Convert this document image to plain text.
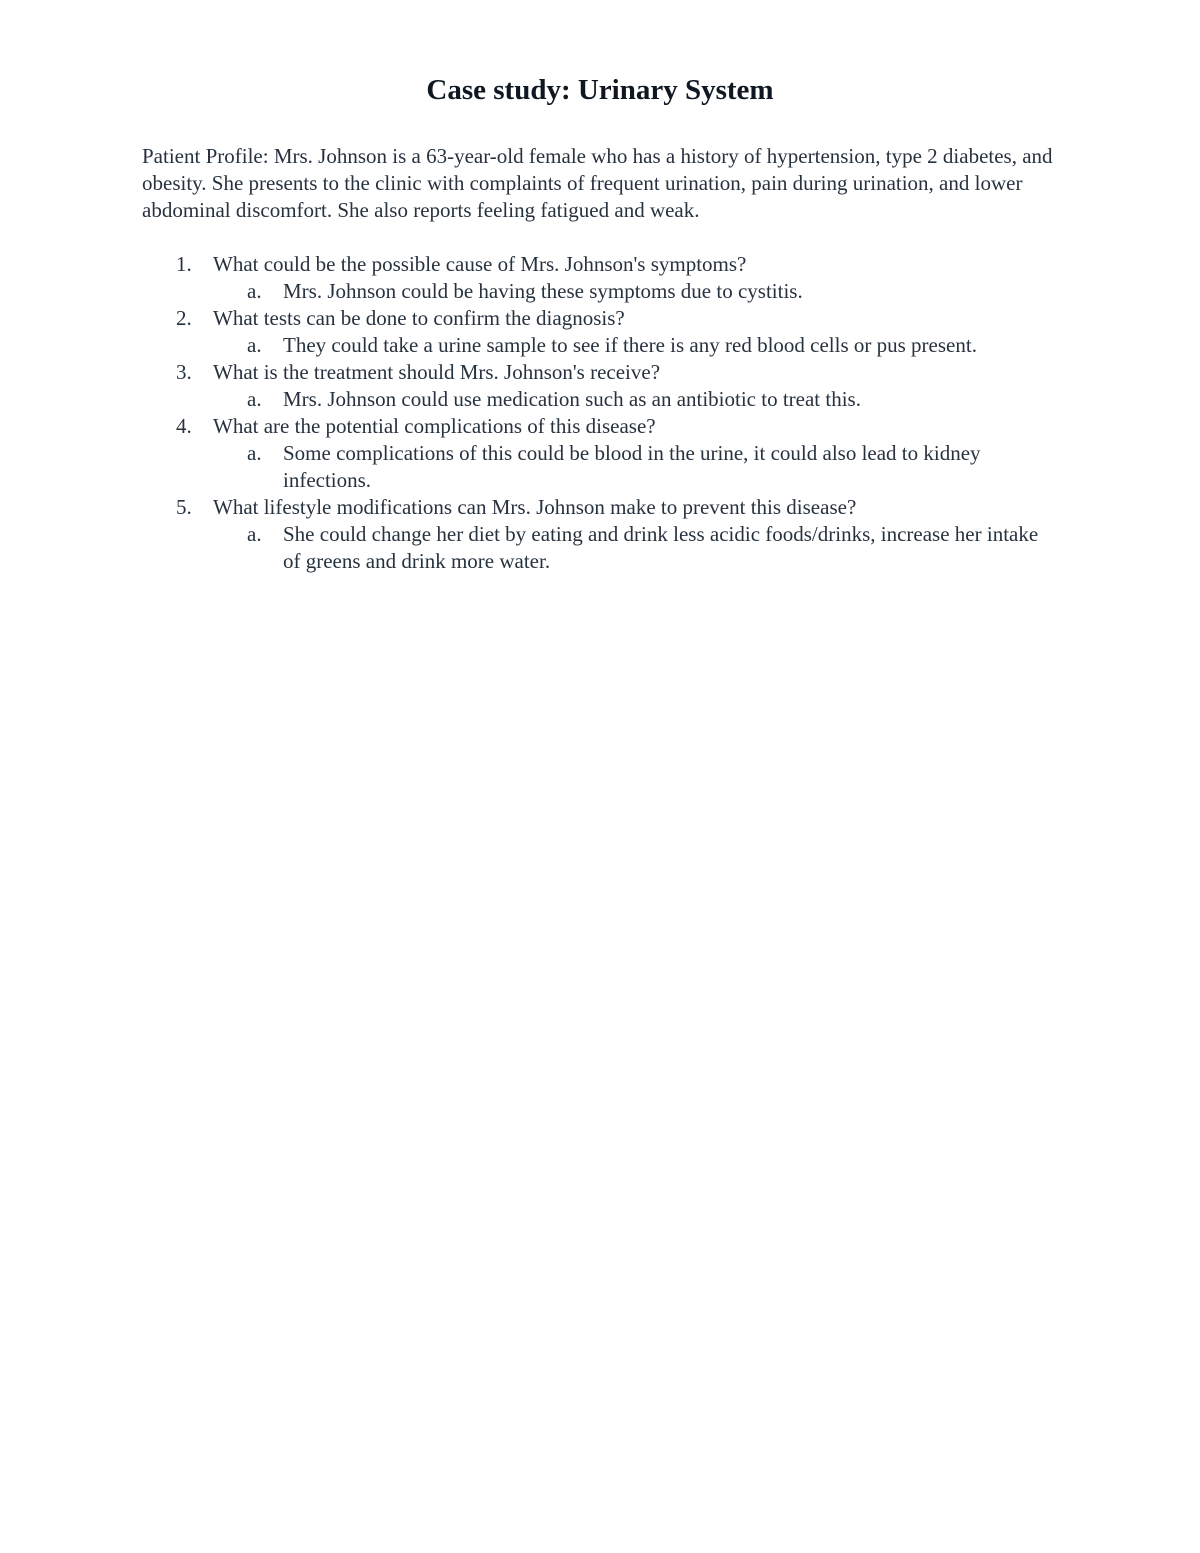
Case study: Urinary System
Patient Profile: Mrs. Johnson is a 63-year-old female who has a history of hypertension, type 2 diabetes, and obesity. She presents to the clinic with complaints of frequent urination, pain during urination, and lower abdominal discomfort. She also reports feeling fatigued and weak.
1. What could be the possible cause of Mrs. Johnson's symptoms?
a. Mrs. Johnson could be having these symptoms due to cystitis.
2. What tests can be done to confirm the diagnosis?
a. They could take a urine sample to see if there is any red blood cells or pus present.
3. What is the treatment should Mrs. Johnson's receive?
a. Mrs. Johnson could use medication such as an antibiotic to treat this.
4. What are the potential complications of this disease?
a. Some complications of this could be blood in the urine, it could also lead to kidney infections.
5. What lifestyle modifications can Mrs. Johnson make to prevent this disease?
a. She could change her diet by eating and drink less acidic foods/drinks, increase her intake of greens and drink more water.
